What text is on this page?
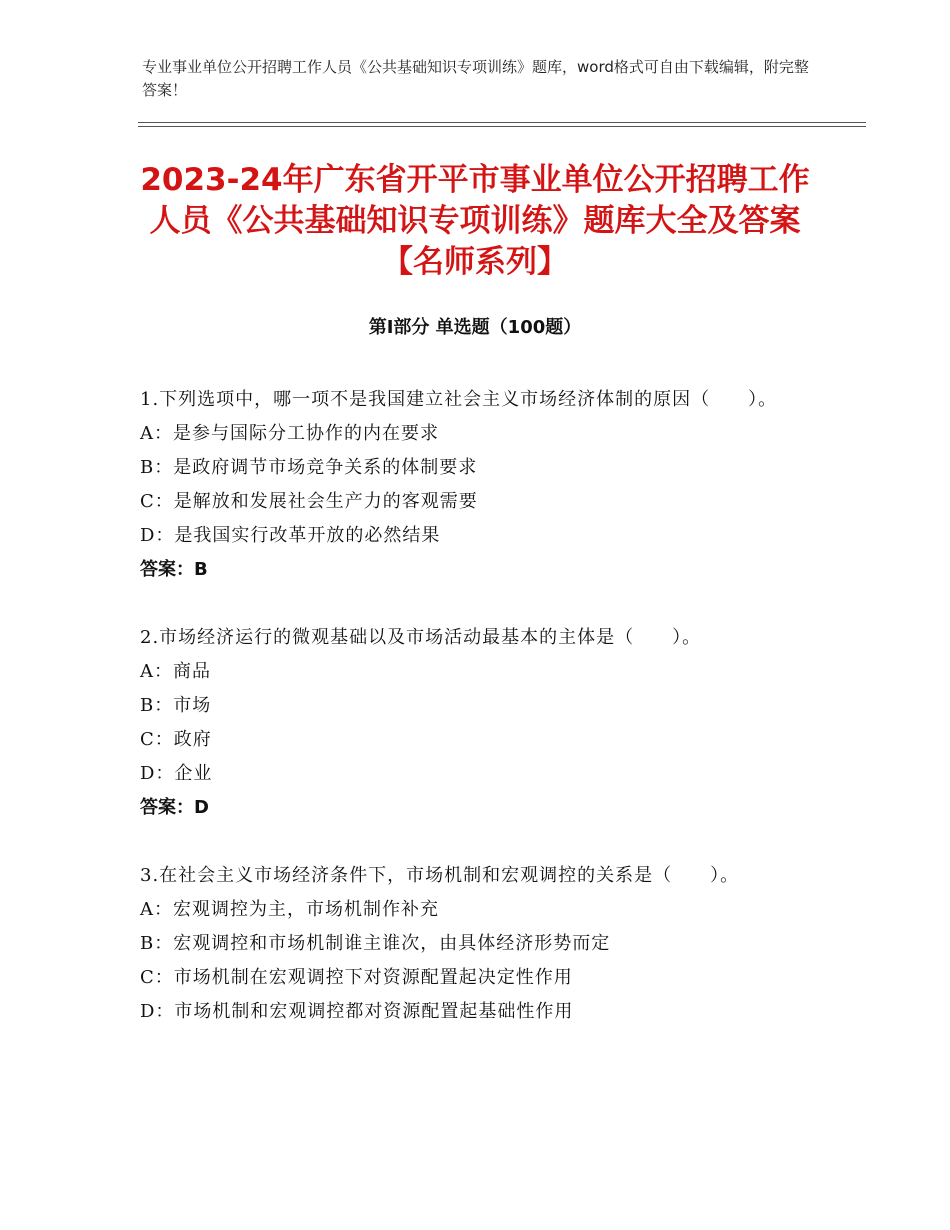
专业事业单位公开招聘工作人员《公共基础知识专项训练》题库，word格式可自由下载编辑，附完整答案！
2023-24年广东省开平市事业单位公开招聘工作人员《公共基础知识专项训练》题库大全及答案【名师系列】
第Ⅰ部分 单选题（100题）
1.下列选项中，哪一项不是我国建立社会主义市场经济体制的原因（　　）。
A：是参与国际分工协作的内在要求
B：是政府调节市场竞争关系的体制要求
C：是解放和发展社会生产力的客观需要
D：是我国实行改革开放的必然结果
答案：B
2.市场经济运行的微观基础以及市场活动最基本的主体是（　　）。
A：商品
B：市场
C：政府
D：企业
答案：D
3.在社会主义市场经济条件下，市场机制和宏观调控的关系是（　　）。
A：宏观调控为主，市场机制作补充
B：宏观调控和市场机制谁主谁次，由具体经济形势而定
C：市场机制在宏观调控下对资源配置起决定性作用
D：市场机制和宏观调控都对资源配置起基础性作用
